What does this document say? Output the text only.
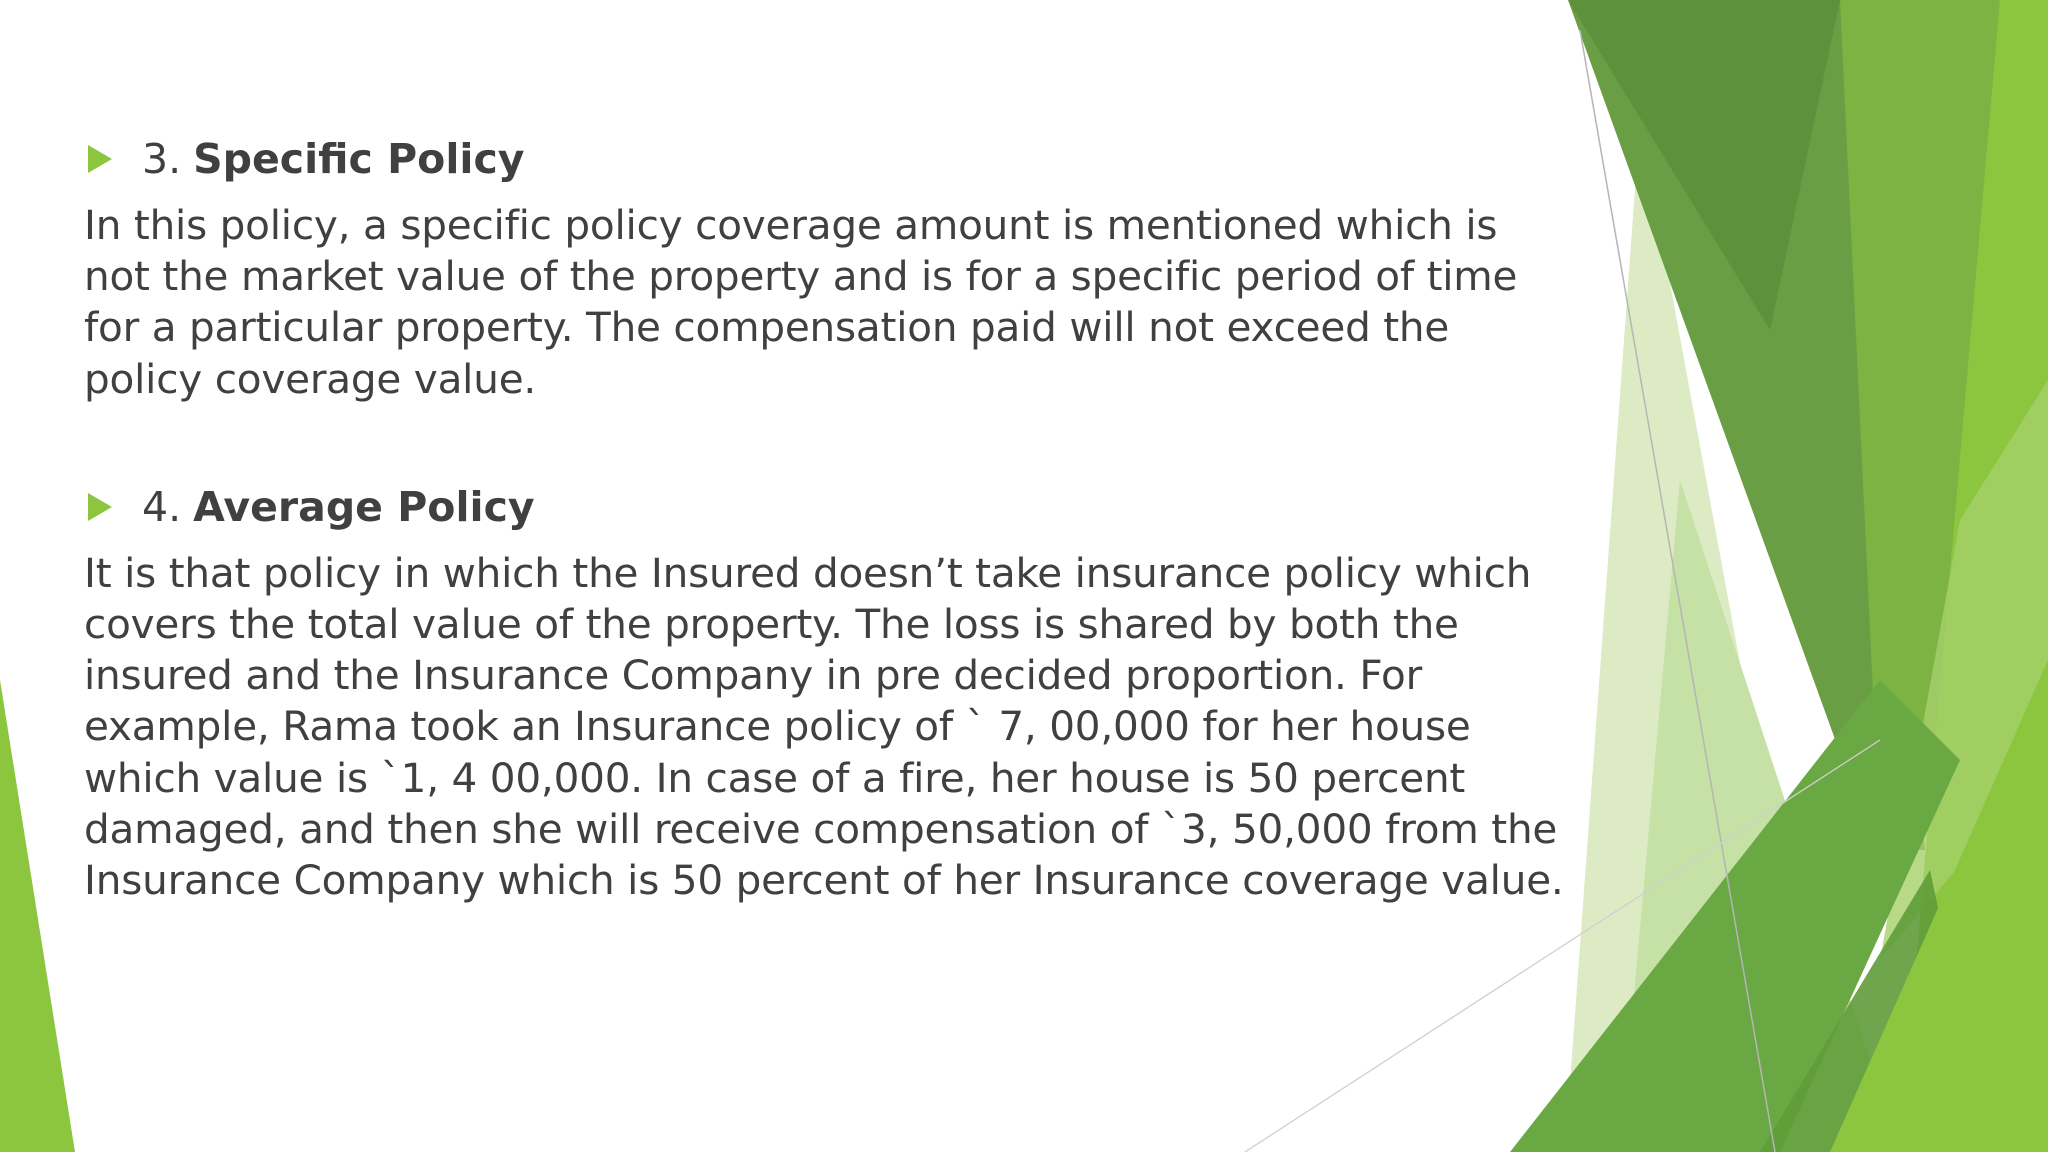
3. Specific Policy

In this policy, a specific policy coverage amount is mentioned which is not the market value of the property and is for a specific period of time for a particular property. The compensation paid will not exceed the policy coverage value.

4. Average Policy

It is that policy in which the Insured doesn’t take insurance policy which covers the total value of the property. The loss is shared by both the insured and the Insurance Company in pre decided proportion. For example, Rama took an Insurance policy of ` 7, 00,000 for her house which value is `1, 4 00,000. In case of a fire, her house is 50 percent damaged, and then she will receive compensation of `3, 50,000 from the Insurance Company which is 50 percent of her Insurance coverage value.
